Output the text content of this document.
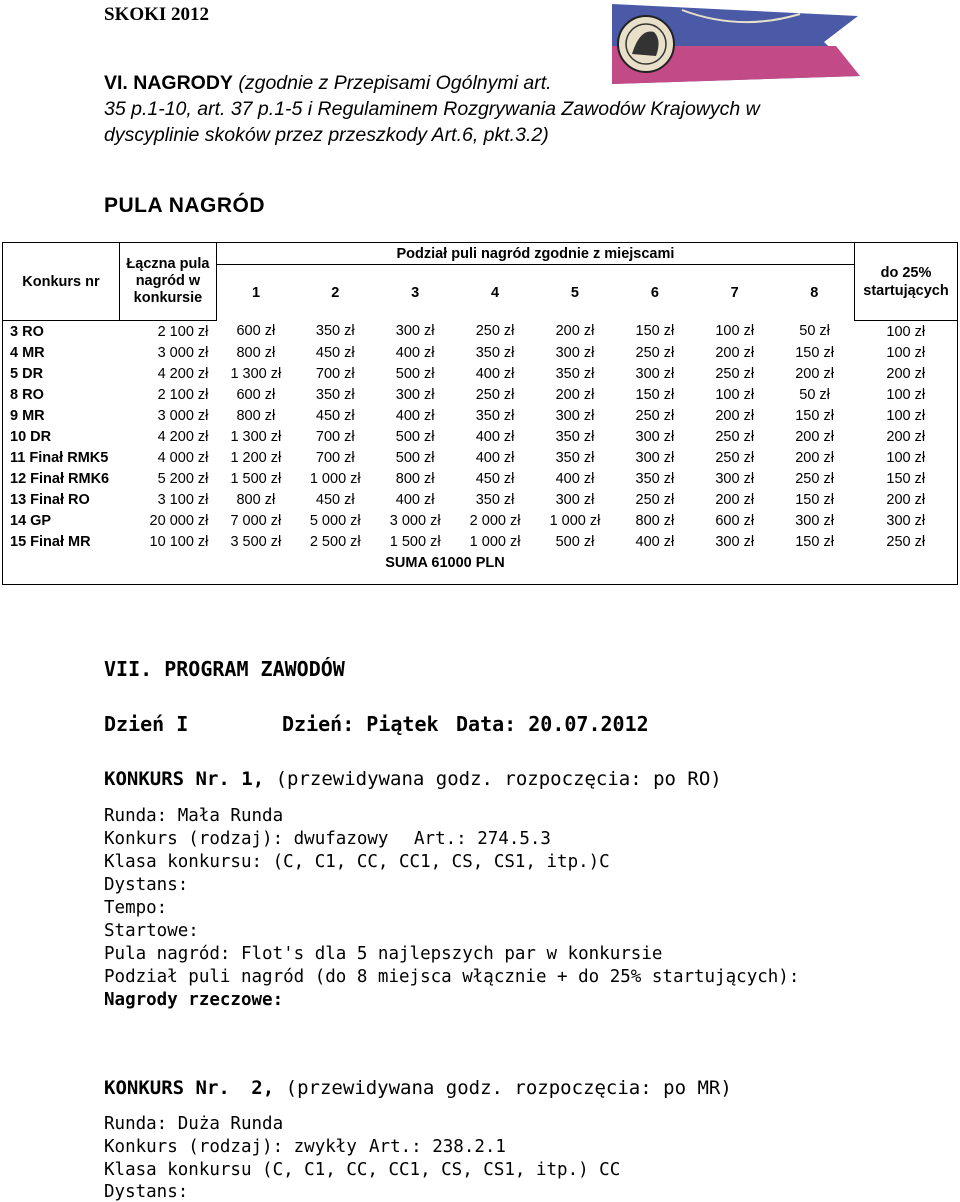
SKOKI 2012
VI. NAGRODY (zgodnie z Przepisami Ogólnymi art.
35 p.1-10, art. 37 p.1-5 i Regulaminem Rozgrywania Zawodów Krajowych w
dyscyplinie skoków przez przeszkody Art.6, pkt.3.2)
PULA NAGRÓD
Konkurs nr	Łączna pula nagród w konkursie	Podział puli nagród zgodnie z miejscami								do 25% startujących
		1	2	3	4	5	6	7	8	
3 RO	2 100 zł	600 zł	350 zł	300 zł	250 zł	200 zł	150 zł	100 zł	50 zł	100 zł
4 MR	3 000 zł	800 zł	450 zł	400 zł	350 zł	300 zł	250 zł	200 zł	150 zł	100 zł
5 DR	4 200 zł	1 300 zł	700 zł	500 zł	400 zł	350 zł	300 zł	250 zł	200 zł	200 zł
8 RO	2 100 zł	600 zł	350 zł	300 zł	250 zł	200 zł	150 zł	100 zł	50 zł	100 zł
9 MR	3 000 zł	800 zł	450 zł	400 zł	350 zł	300 zł	250 zł	200 zł	150 zł	100 zł
10 DR	4 200 zł	1 300 zł	700 zł	500 zł	400 zł	350 zł	300 zł	250 zł	200 zł	200 zł
11 Finał RMK5	4 000 zł	1 200 zł	700 zł	500 zł	400 zł	350 zł	300 zł	250 zł	200 zł	100 zł
12 Finał RMK6	5 200 zł	1 500 zł	1 000 zł	800 zł	450 zł	400 zł	350 zł	300 zł	250 zł	150 zł
13 Finał RO	3 100 zł	800 zł	450 zł	400 zł	350 zł	300 zł	250 zł	200 zł	150 zł	200 zł
14 GP	20 000 zł	7 000 zł	5 000 zł	3 000 zł	2 000 zł	1 000 zł	800 zł	600 zł	300 zł	300 zł
15 Finał MR	10 100 zł	3 500 zł	2 500 zł	1 500 zł	1 000 zł	500 zł	400 zł	300 zł	150 zł	250 zł
SUMA 61000 PLN										
VII. PROGRAM ZAWODÓW
Dzień I	Dzień: Piątek Data: 20.07.2012
KONKURS Nr. 1, (przewidywana godz. rozpoczęcia: po RO)
Runda: Mała Runda
Konkurs (rodzaj): dwufazowy Art.: 274.5.3
Klasa konkursu: (C, C1, CC, CC1, CS, CS1, itp.)C
Dystans:
Tempo:
Startowe:
Pula nagród: Flot's dla 5 najlepszych par w konkursie
Podział puli nagród (do 8 miejsca włącznie + do 25% startujących):
Nagrody rzeczowe:
KONKURS Nr. 2, (przewidywana godz. rozpoczęcia: po MR)
Runda: Duża Runda
Konkurs (rodzaj): zwykły Art.: 238.2.1
Klasa konkursu (C, C1, CC, CC1, CS, CS1, itp.) CC
Dystans:
